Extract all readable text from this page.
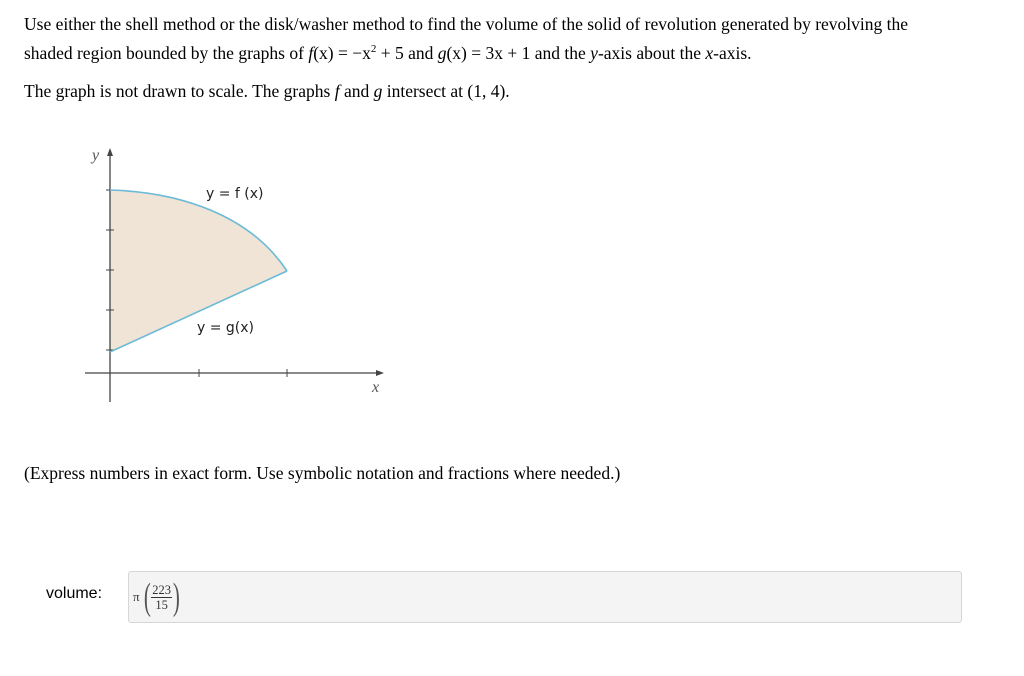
Use either the shell method or the disk/washer method to find the volume of the solid of revolution generated by revolving the

shaded region bounded by the graphs of $f(x) = -x^2 + 5$ and g(x) = 3x + 1 and the y-axis about the x-axis.

The graph is not drawn to scale. The graphs f and g intersect at (1, 4).
y
x
y = f (x)
y = g(x)
(Express numbers in exact form. Use symbolic notation and fractions where needed.)
volume: π ( $\frac{223}{15}$ )
